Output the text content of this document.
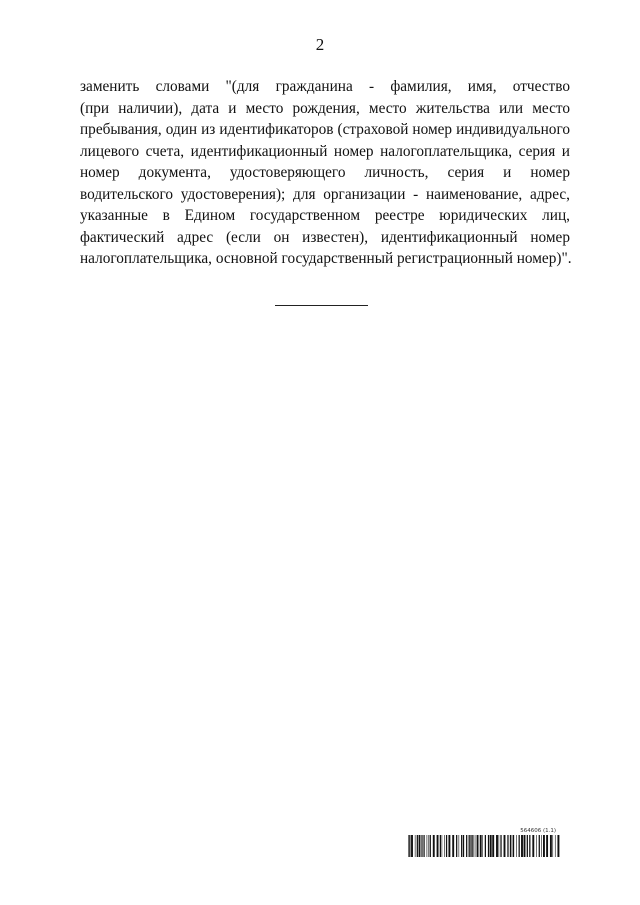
2
заменить словами "(для гражданина - фамилия, имя, отчество
(при наличии), дата и место рождения, место жительства или место
пребывания, один из идентификаторов (страховой номер индивидуального
лицевого счета, идентификационный номер налогоплательщика, серия и
номер документа, удостоверяющего личность, серия и номер
водительского удостоверения); для организации - наименование, адрес,
указанные в Едином государственном реестре юридических лиц,
фактический адрес (если он известен), идентификационный номер
налогоплательщика, основной государственный регистрационный номер)".
564606 (1.1)
